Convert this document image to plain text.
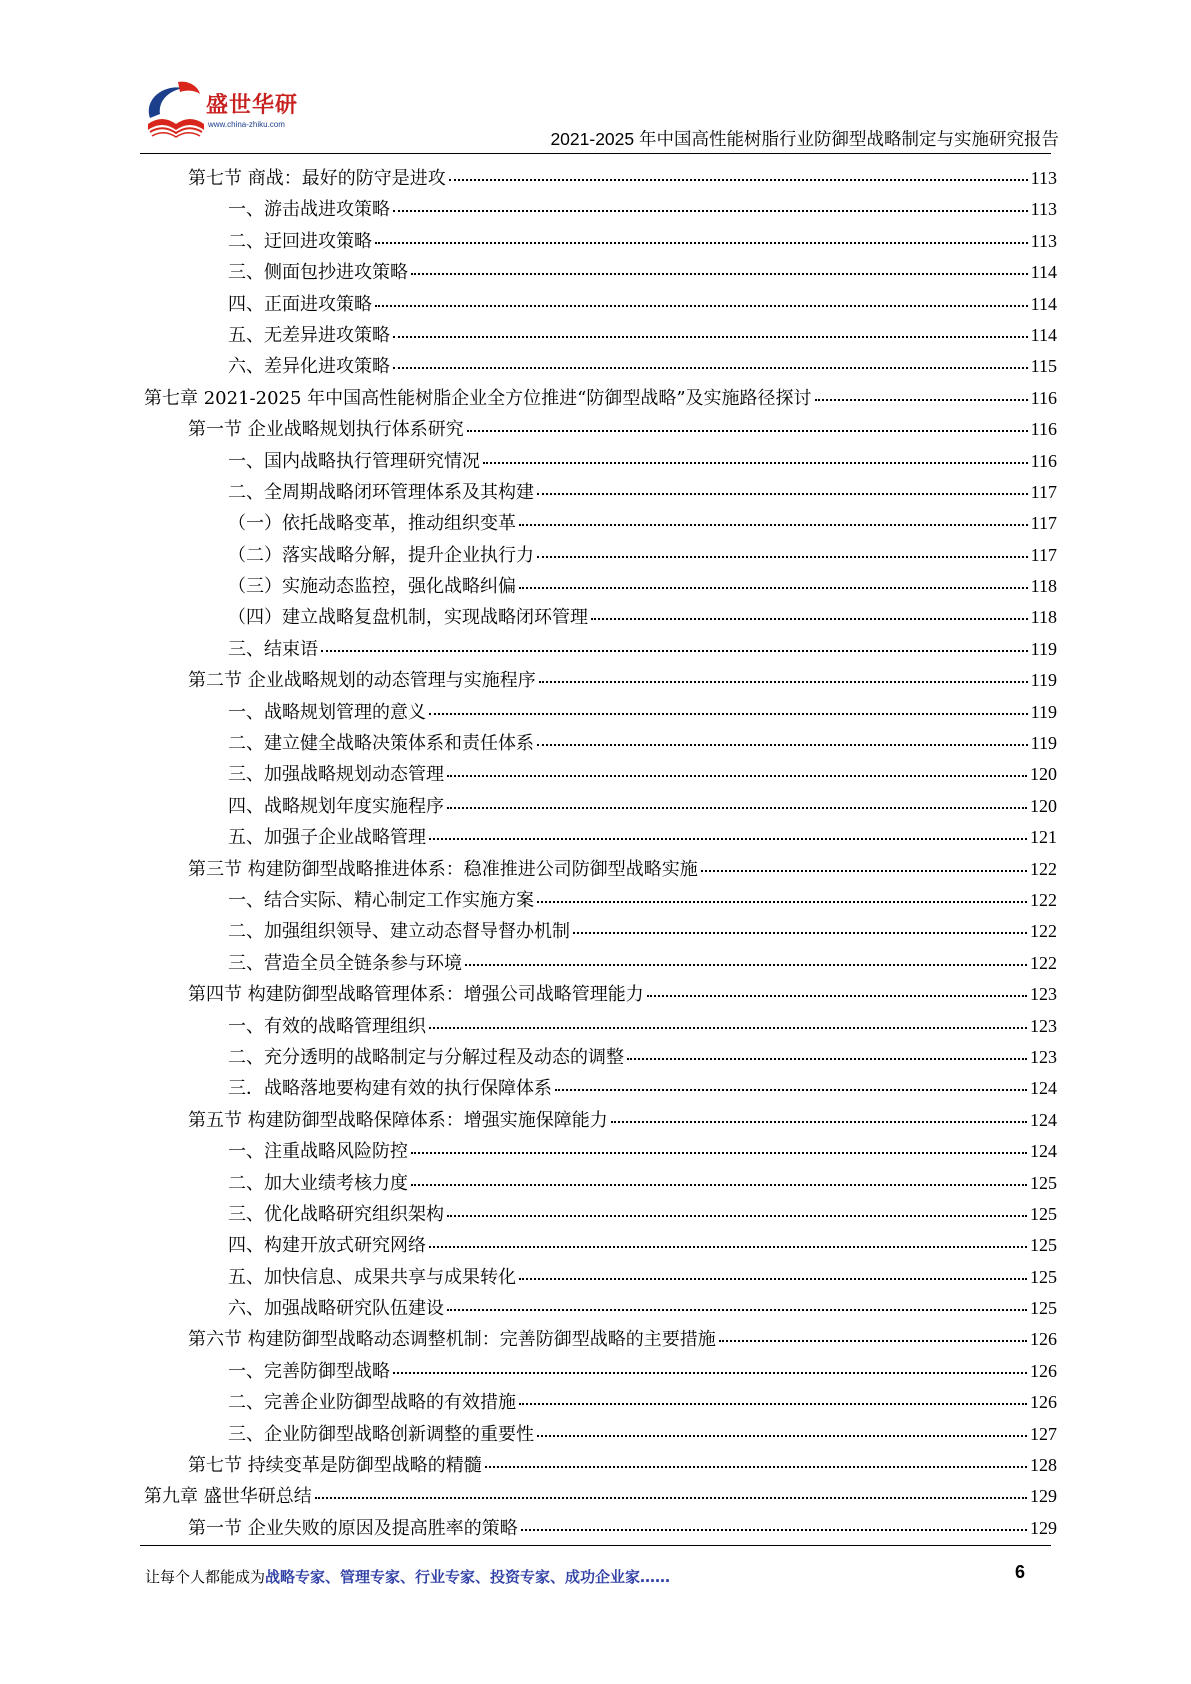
盛世华研
www.china-zhiku.com
2021-2025 年中国高性能树脂行业防御型战略制定与实施研究报告
第七节 商战：最好的防守是进攻	113
一、游击战进攻策略	113
二、迂回进攻策略	113
三、侧面包抄进攻策略	114
四、正面进攻策略	114
五、无差异进攻策略	114
六、差异化进攻策略	115
第七章 2021-2025 年中国高性能树脂企业全方位推进“防御型战略”及实施路径探讨	116
第一节 企业战略规划执行体系研究	116
一、国内战略执行管理研究情况	116
二、全周期战略闭环管理体系及其构建	117
（一）依托战略变革，推动组织变革	117
（二）落实战略分解，提升企业执行力	117
（三）实施动态监控，强化战略纠偏	118
（四）建立战略复盘机制，实现战略闭环管理	118
三、结束语	119
第二节 企业战略规划的动态管理与实施程序	119
一、战略规划管理的意义	119
二、建立健全战略决策体系和责任体系	119
三、加强战略规划动态管理	120
四、战略规划年度实施程序	120
五、加强子企业战略管理	121
第三节 构建防御型战略推进体系：稳准推进公司防御型战略实施	122
一、结合实际、精心制定工作实施方案	122
二、加强组织领导、建立动态督导督办机制	122
三、营造全员全链条参与环境	122
第四节 构建防御型战略管理体系：增强公司战略管理能力	123
一、有效的战略管理组织	123
二、充分透明的战略制定与分解过程及动态的调整	123
三．战略落地要构建有效的执行保障体系	124
第五节 构建防御型战略保障体系：增强实施保障能力	124
一、注重战略风险防控	124
二、加大业绩考核力度	125
三、优化战略研究组织架构	125
四、构建开放式研究网络	125
五、加快信息、成果共享与成果转化	125
六、加强战略研究队伍建设	125
第六节 构建防御型战略动态调整机制：完善防御型战略的主要措施	126
一、完善防御型战略	126
二、完善企业防御型战略的有效措施	126
三、企业防御型战略创新调整的重要性	127
第七节 持续变革是防御型战略的精髓	128
第九章 盛世华研总结	129
第一节 企业失败的原因及提高胜率的策略	129
让每个人都能成为战略专家、管理专家、行业专家、投资专家、成功企业家……	6
